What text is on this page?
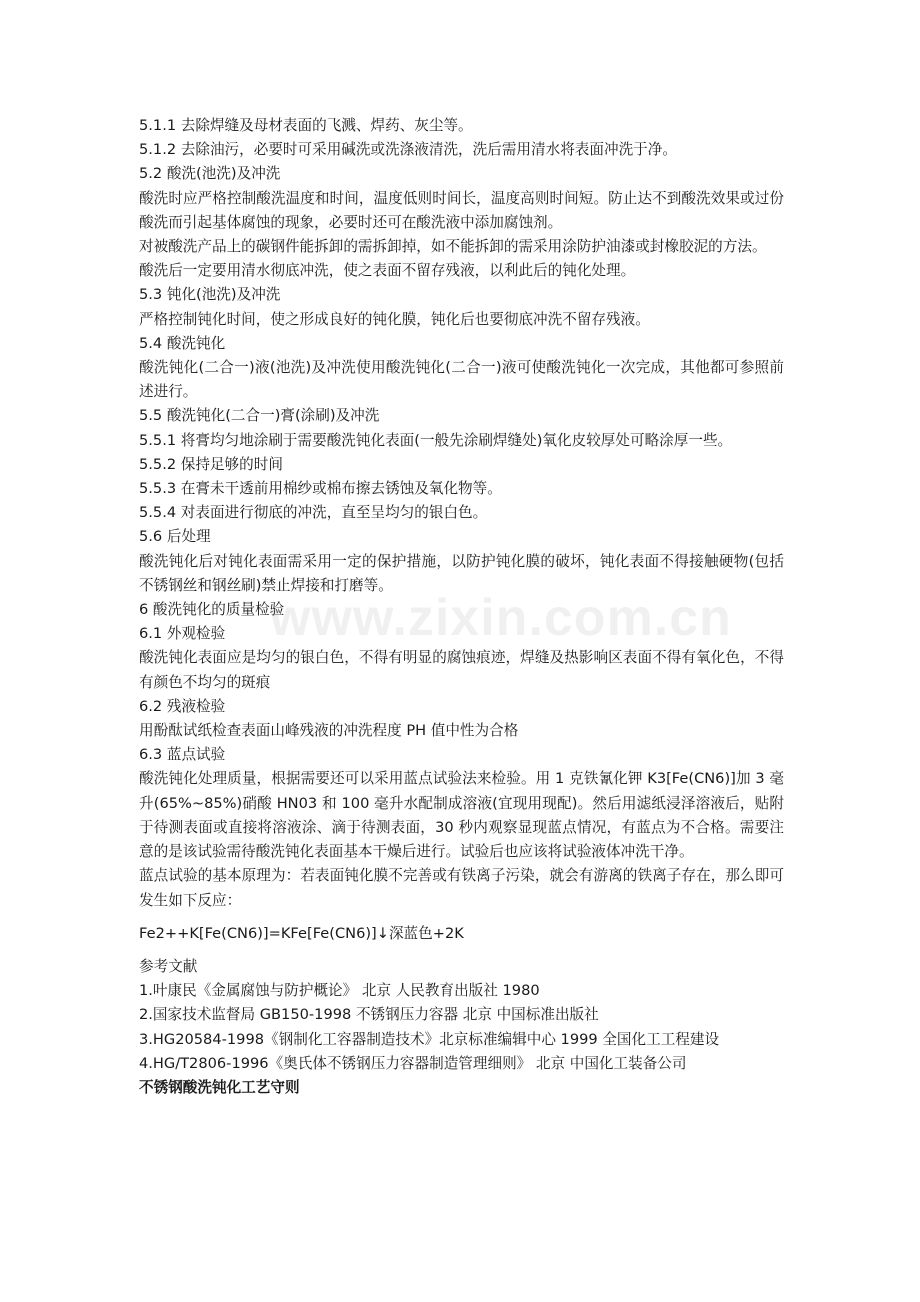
www.zixin.com.cn

5.1.1 去除焊缝及母材表面的飞溅、焊药、灰尘等。

5.1.2 去除油污，必要时可采用碱洗或洗涤液清洗，洗后需用清水将表面冲洗于净。

5.2 酸洗(池洗)及冲洗

酸洗时应严格控制酸洗温度和时间，温度低则时间长，温度高则时间短。防止达不到酸洗效果或过份酸洗而引起基体腐蚀的现象，必要时还可在酸洗液中添加腐蚀剂。

对被酸洗产品上的碳钢件能拆卸的需拆卸掉，如不能拆卸的需采用涂防护油漆或封橡胶泥的方法。

酸洗后一定要用清水彻底冲洗，使之表面不留存残液，以利此后的钝化处理。

5.3 钝化(池洗)及冲洗

严格控制钝化时间，使之形成良好的钝化膜，钝化后也要彻底冲洗不留存残液。

5.4 酸洗钝化

酸洗钝化(二合一)液(池洗)及冲洗使用酸洗钝化(二合一)液可使酸洗钝化一次完成，其他都可参照前述进行。

5.5 酸洗钝化(二合一)膏(涂刷)及冲洗

5.5.1 将膏均匀地涂刷于需要酸洗钝化表面(一般先涂刷焊缝处)氧化皮较厚处可略涂厚一些。

5.5.2 保持足够的时间

5.5.3 在膏未干透前用棉纱或棉布擦去锈蚀及氧化物等。

5.5.4 对表面进行彻底的冲洗，直至呈均匀的银白色。

5.6 后处理

酸洗钝化后对钝化表面需采用一定的保护措施，以防护钝化膜的破坏，钝化表面不得接触硬物(包括不锈钢丝和钢丝刷)禁止焊接和打磨等。

6 酸洗钝化的质量检验

6.1 外观检验

酸洗钝化表面应是均匀的银白色，不得有明显的腐蚀痕迹，焊缝及热影响区表面不得有氧化色，不得有颜色不均匀的斑痕

6.2 残液检验

用酚酞试纸检查表面山峰残液的冲洗程度 PH 值中性为合格

6.3 蓝点试验

酸洗钝化处理质量，根据需要还可以采用蓝点试验法来检验。用 1 克铁氰化钾 K3[Fe(CN6)]加 3 毫升(65%~85%)硝酸 HN03 和 100 毫升水配制成溶液(宜现用现配)。然后用滤纸浸泽溶液后，贴附于待测表面或直接将溶液涂、滴于待测表面，30 秒内观察显现蓝点情况，有蓝点为不合格。需要注意的是该试验需待酸洗钝化表面基本干燥后进行。试验后也应该将试验液体冲洗干净。

蓝点试验的基本原理为：若表面钝化膜不完善或有铁离子污染，就会有游离的铁离子存在，那么即可发生如下反应：

Fe2++K[Fe(CN6)]=KFe[Fe(CN6)]↓深蓝色+2K

参考文献

1.叶康民《金属腐蚀与防护概论》 北京 人民教育出版社 1980

2.国家技术监督局 GB150-1998 不锈钢压力容器 北京 中国标准出版社

3.HG20584-1998《钢制化工容器制造技术》北京标准编辑中心 1999 全国化工工程建设

4.HG/T2806-1996《奥氏体不锈钢压力容器制造管理细则》 北京 中国化工装备公司

不锈钢酸洗钝化工艺守则
